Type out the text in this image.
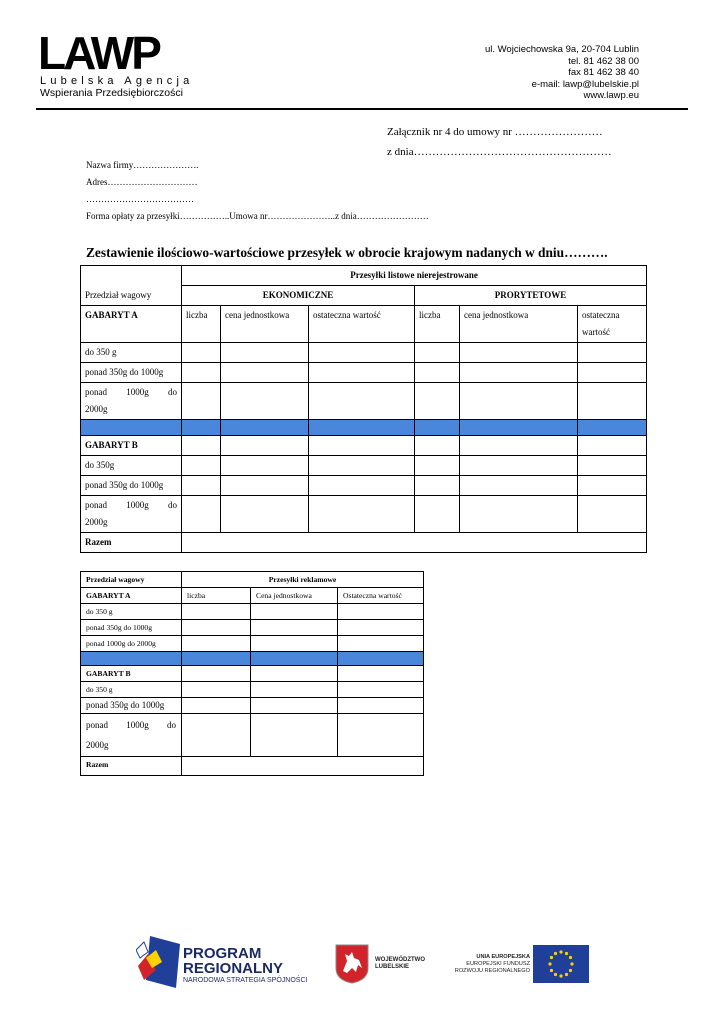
LAWP
Lubelska Agencja
Wspierania Przedsiębiorczości
ul. Wojciechowska 9a, 20-704 Lublin
tel. 81 462 38 00
fax 81 462 38 40
e-mail: lawp@lubelskie.pl
www.lawp.eu
Załącznik nr 4 do umowy nr ……………………
z dnia………………………………………………
Nazwa firmy………………….
Adres…………………………
………………………………
Forma opłaty za przesyłki……………..Umowa nr…………………..z dnia……………………
Zestawienie ilościowo-wartościowe przesyłek w obrocie krajowym nadanych w dniu……….
Przedział wagowy	Przesyłki listowe nierejestrowane					
	EKONOMICZNE			PRORYTETOWE		
GABARYT A	liczba	cena jednostkowa	ostateczna wartość	liczba	cena jednostkowa	ostateczna
wartość

do 350 g						
ponad 350g do 1000g						

ponad 1000g do
2000g						

GABARYT B						
do 350g						
ponad 350g do 1000g						

ponad 1000g do
2000g						

Razem						
Przedział wagowy	Przesyłki reklamowe		
GABARYT A	liczba	Cena jednostkowa	Ostateczna wartość
do 350 g			
ponad 350g do 1000g			
ponad 1000g do 2000g			

GABARYT B			
do 350 g			
ponad 350g do 1000g			

ponad 1000g do
2000g			

Razem			
PROGRAM
REGIONALNY
NARODOWA STRATEGIA SPÓJNOŚCI
WOJEWÓDZTWO
LUBELSKIE
UNIA EUROPEJSKA
EUROPEJSKI FUNDUSZ
ROZWOJU REGIONALNEGO
